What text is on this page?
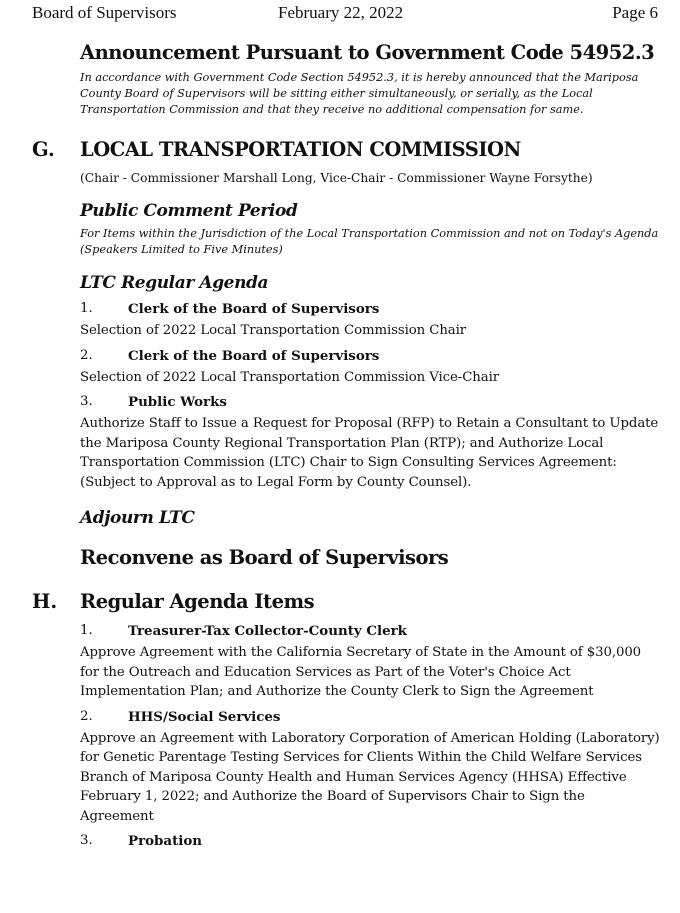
Board of Supervisors	February 22, 2022	Page 6

Announcement Pursuant to Government Code 54952.3

In accordance with Government Code Section 54952.3, it is hereby announced that the Mariposa County Board of Supervisors will be sitting either simultaneously, or serially, as the Local Transportation Commission and that they receive no additional compensation for same.

G. LOCAL TRANSPORTATION COMMISSION

(Chair - Commissioner Marshall Long, Vice-Chair - Commissioner Wayne Forsythe)

Public Comment Period

For Items within the Jurisdiction of the Local Transportation Commission and not on Today's Agenda (Speakers Limited to Five Minutes)

LTC Regular Agenda

1.	Clerk of the Board of Supervisors

Selection of 2022 Local Transportation Commission Chair

2.	Clerk of the Board of Supervisors

Selection of 2022 Local Transportation Commission Vice-Chair

3.	Public Works

Authorize Staff to Issue a Request for Proposal (RFP) to Retain a Consultant to Update the Mariposa County Regional Transportation Plan (RTP); and Authorize Local Transportation Commission (LTC) Chair to Sign Consulting Services Agreement: (Subject to Approval as to Legal Form by County Counsel).

Adjourn LTC

Reconvene as Board of Supervisors

H. Regular Agenda Items

1.	Treasurer-Tax Collector-County Clerk

Approve Agreement with the California Secretary of State in the Amount of $30,000 for the Outreach and Education Services as Part of the Voter's Choice Act Implementation Plan; and Authorize the County Clerk to Sign the Agreement

2.	HHS/Social Services

Approve an Agreement with Laboratory Corporation of American Holding (Laboratory) for Genetic Parentage Testing Services for Clients Within the Child Welfare Services Branch of Mariposa County Health and Human Services Agency (HHSA) Effective February 1, 2022; and Authorize the Board of Supervisors Chair to Sign the Agreement

3.	Probation
